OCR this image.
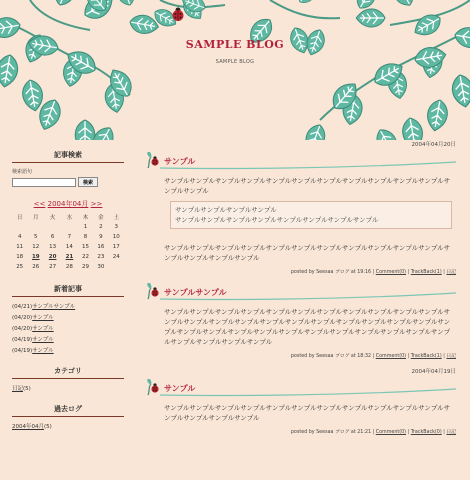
SAMPLE BLOG
SAMPLE BLOG
記事検索
検索語句
検索
<< 2004年04月 >>
日	月	火	水	木	金	土
				1	2	3
4	5	6	7	8	9	10
11	12	13	14	15	16	17
18	19	20	21	22	23	24
25	26	27	28	29	30	
新着記事
(04/21)サンプルサンプル
(04/20)サンプル
(04/20)サンプル
(04/19)サンプル
(04/19)サンプル
カテゴリ
日記(5)
過去ログ
2004年04月(5)
2004年04月20日
サンプル
サンプルサンプルサンプルサンプルサンプルサンプルサンプルサンプルサンプルサンプルサンプルサンプルサンプル
サンプルサンプルサンプルサンプル
サンプルサンプルサンプルサンプルサンプルサンプルサンプルサンプル
サンプルサンプルサンプルサンプルサンプルサンプルサンプルサンプルサンプルサンプルサンプルサンプルサンプルサンプルサンプル
posted by Seesaa ブログ at 19:16 | Comment(0) | TrackBack(1) | 日記
サンプルサンプル
サンプルサンプルサンプルサンプルサンプルサンプルサンプルサンプルサンプルサンプルサンプルサンプルサンプルサンプルサンプルサンプルサンプルサンプルサンプルサンプルサンプルサンプルサンプルサンプルサンプルサンプルサンプルサンプルサンプルサンプルサンプルサンプルサンプルサンプルサンプルサンプルサンプルサンプル
posted by Seesaa ブログ at 18:32 | Comment(0) | TrackBack(1) | 日記
2004年04月19日
サンプル
サンプルサンプルサンプルサンプルサンプルサンプルサンプルサンプルサンプルサンプルサンプルサンプルサンプルサンプルサンプル
posted by Seesaa ブログ at 21:21 | Comment(0) | TrackBack(0) | 日記
